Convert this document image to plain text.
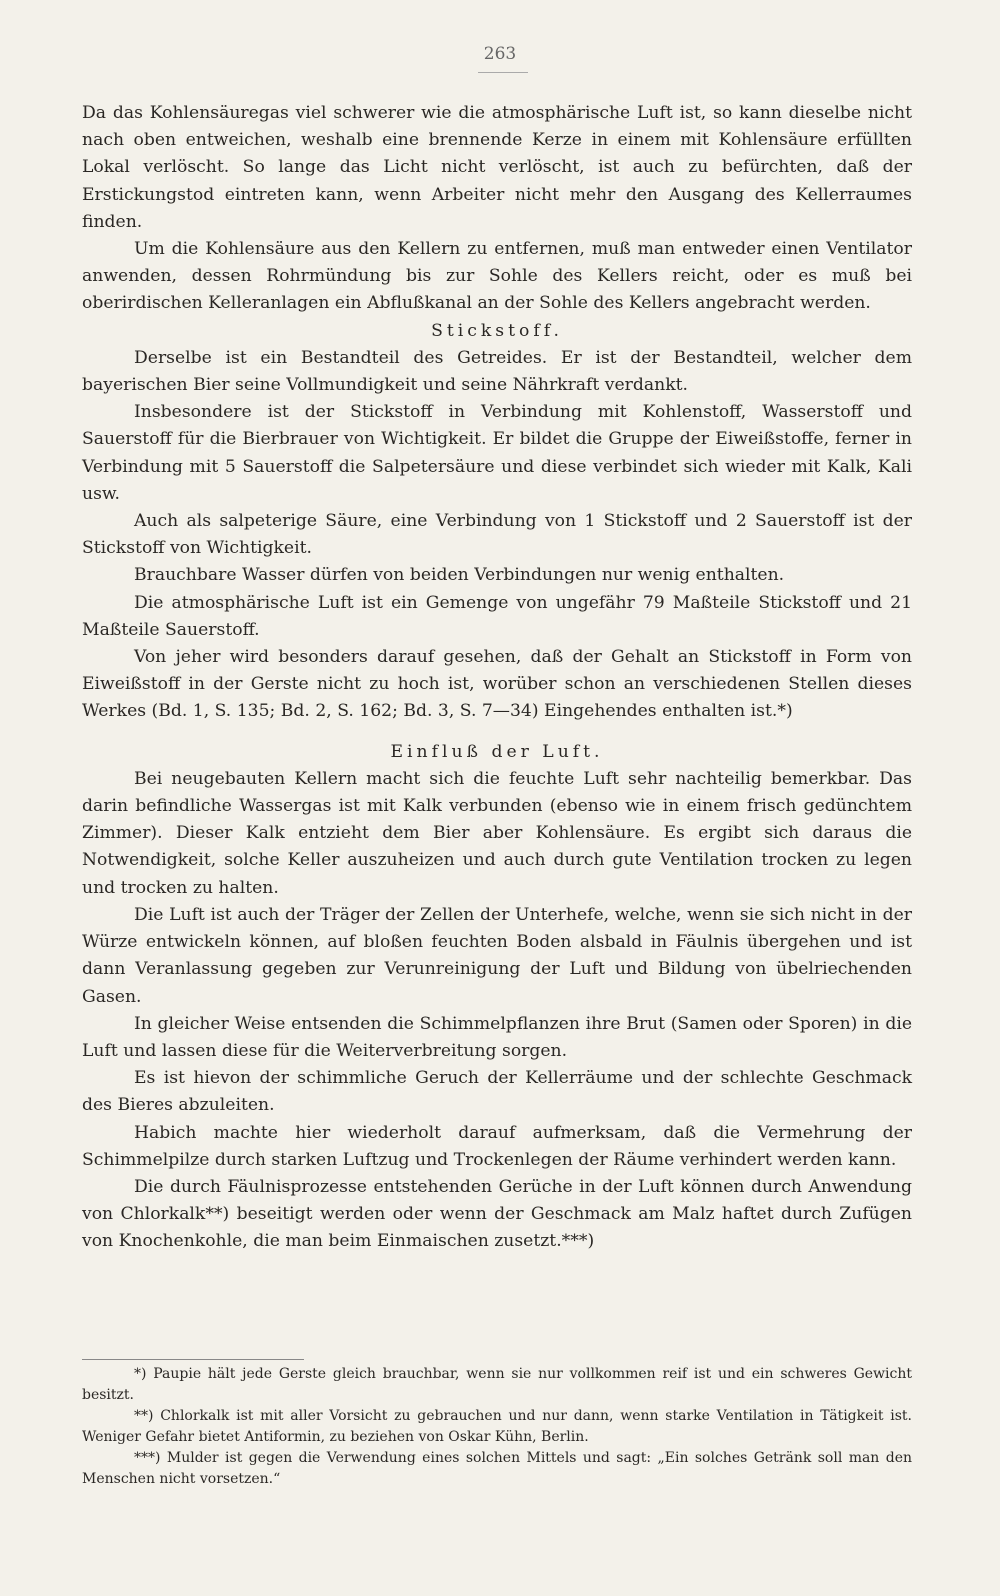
263

Da das Kohlensäuregas viel schwerer wie die atmosphärische Luft ist, so kann dieselbe nicht nach oben entweichen, weshalb eine brennende Kerze in einem mit Kohlensäure erfüllten Lokal verlöscht. So lange das Licht nicht verlöscht, ist auch zu befürchten, daß der Erstickungstod eintreten kann, wenn Arbeiter nicht mehr den Ausgang des Kellerraumes finden.

Um die Kohlensäure aus den Kellern zu entfernen, muß man entweder einen Ventilator anwenden, dessen Rohrmündung bis zur Sohle des Kellers reicht, oder es muß bei oberirdischen Kelleranlagen ein Abflußkanal an der Sohle des Kellers angebracht werden.

Stickstoff.

Derselbe ist ein Bestandteil des Getreides. Er ist der Bestandteil, welcher dem bayerischen Bier seine Vollmundigkeit und seine Nährkraft verdankt.

Insbesondere ist der Stickstoff in Verbindung mit Kohlenstoff, Wasserstoff und Sauerstoff für die Bierbrauer von Wichtigkeit. Er bildet die Gruppe der Eiweißstoffe, ferner in Verbindung mit 5 Sauerstoff die Salpetersäure und diese verbindet sich wieder mit Kalk, Kali usw.

Auch als salpeterige Säure, eine Verbindung von 1 Stickstoff und 2 Sauerstoff ist der Stickstoff von Wichtigkeit.

Brauchbare Wasser dürfen von beiden Verbindungen nur wenig enthalten.

Die atmosphärische Luft ist ein Gemenge von ungefähr 79 Maßteile Stickstoff und 21 Maßteile Sauerstoff.

Von jeher wird besonders darauf gesehen, daß der Gehalt an Stickstoff in Form von Eiweißstoff in der Gerste nicht zu hoch ist, worüber schon an verschiedenen Stellen dieses Werkes (Bd. 1, S. 135; Bd. 2, S. 162; Bd. 3, S. 7—34) Eingehendes enthalten ist.*)

Einfluß der Luft.

Bei neugebauten Kellern macht sich die feuchte Luft sehr nachteilig bemerkbar. Das darin befindliche Wassergas ist mit Kalk verbunden (ebenso wie in einem frisch gedünchtem Zimmer). Dieser Kalk entzieht dem Bier aber Kohlensäure. Es ergibt sich daraus die Notwendigkeit, solche Keller auszuheizen und auch durch gute Ventilation trocken zu legen und trocken zu halten.

Die Luft ist auch der Träger der Zellen der Unterhefe, welche, wenn sie sich nicht in der Würze entwickeln können, auf bloßen feuchten Boden alsbald in Fäulnis übergehen und ist dann Veranlassung gegeben zur Verunreinigung der Luft und Bildung von übelriechenden Gasen.

In gleicher Weise entsenden die Schimmelpflanzen ihre Brut (Samen oder Sporen) in die Luft und lassen diese für die Weiterverbreitung sorgen.

Es ist hievon der schimmliche Geruch der Kellerräume und der schlechte Geschmack des Bieres abzuleiten.

Habich machte hier wiederholt darauf aufmerksam, daß die Vermehrung der Schimmelpilze durch starken Luftzug und Trockenlegen der Räume verhindert werden kann.

Die durch Fäulnisprozesse entstehenden Gerüche in der Luft können durch Anwendung von Chlorkalk**) beseitigt werden oder wenn der Geschmack am Malz haftet durch Zufügen von Knochenkohle, die man beim Einmaischen zusetzt.***)

*) Paupie hält jede Gerste gleich brauchbar, wenn sie nur vollkommen reif ist und ein schweres Gewicht besitzt.

**) Chlorkalk ist mit aller Vorsicht zu gebrauchen und nur dann, wenn starke Ventilation in Tätigkeit ist. Weniger Gefahr bietet Antiformin, zu beziehen von Oskar Kühn, Berlin.

***) Mulder ist gegen die Verwendung eines solchen Mittels und sagt: „Ein solches Getränk soll man den Menschen nicht vorsetzen.“
